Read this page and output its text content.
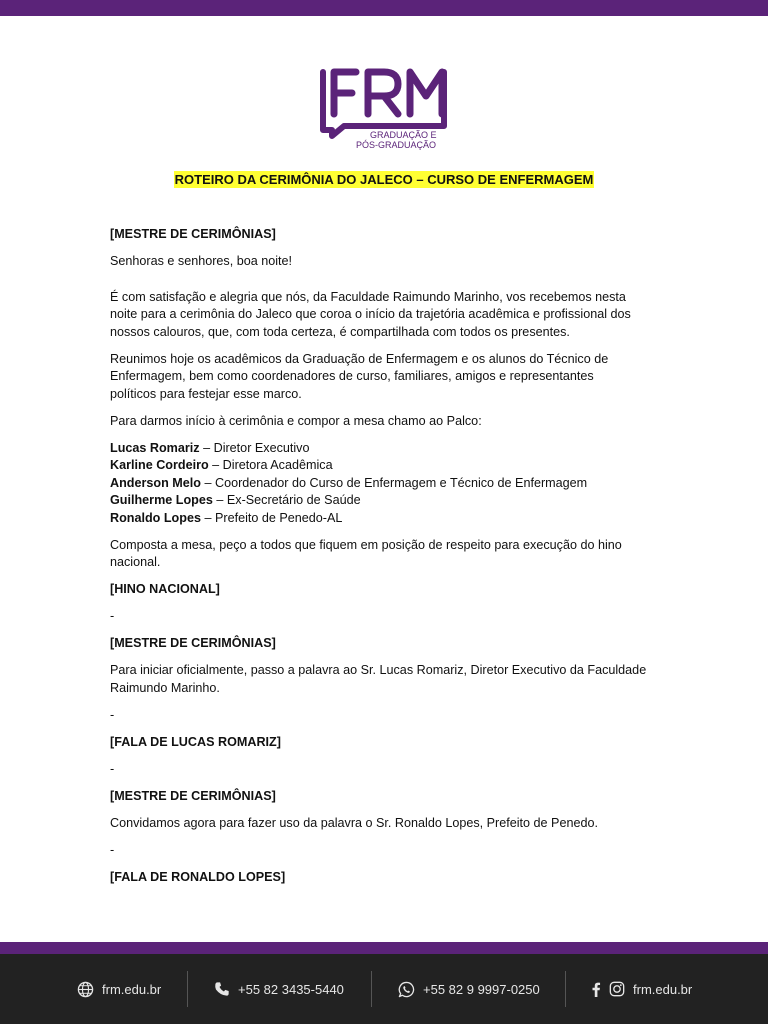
GRADUAÇÃO E
PÓS-GRADUAÇÃO
ROTEIRO DA CERIMÔNIA DO JALECO – CURSO DE ENFERMAGEM

[MESTRE DE CERIMÔNIAS]

Senhoras e senhores, boa noite!

É com satisfação e alegria que nós, da Faculdade Raimundo Marinho, vos recebemos nesta
noite para a cerimônia do Jaleco que coroa o início da trajetória acadêmica e profissional dos
nossos calouros, que, com toda certeza, é compartilhada com todos os presentes.

Reunimos hoje os acadêmicos da Graduação de Enfermagem e os alunos do Técnico de
Enfermagem, bem como coordenadores de curso, familiares, amigos e representantes
políticos para festejar esse marco.

Para darmos início à cerimônia e compor a mesa chamo ao Palco:

Lucas Romariz – Diretor Executivo

Karline Cordeiro – Diretora Acadêmica

Anderson Melo – Coordenador do Curso de Enfermagem e Técnico de Enfermagem

Guilherme Lopes – Ex-Secretário de Saúde

Ronaldo Lopes – Prefeito de Penedo-AL

Composta a mesa, peço a todos que fiquem em posição de respeito para execução do hino
nacional.

[HINO NACIONAL]

-

[MESTRE DE CERIMÔNIAS]

Para iniciar oficialmente, passo a palavra ao Sr. Lucas Romariz, Diretor Executivo da Faculdade
Raimundo Marinho.

-

[FALA DE LUCAS ROMARIZ]

-

[MESTRE DE CERIMÔNIAS]

Convidamos agora para fazer uso da palavra o Sr. Ronaldo Lopes, Prefeito de Penedo.

-

[FALA DE RONALDO LOPES]

frm.edu.br	+55 82 3435-5440	+55 82 9 9997-0250	frm.edu.br
